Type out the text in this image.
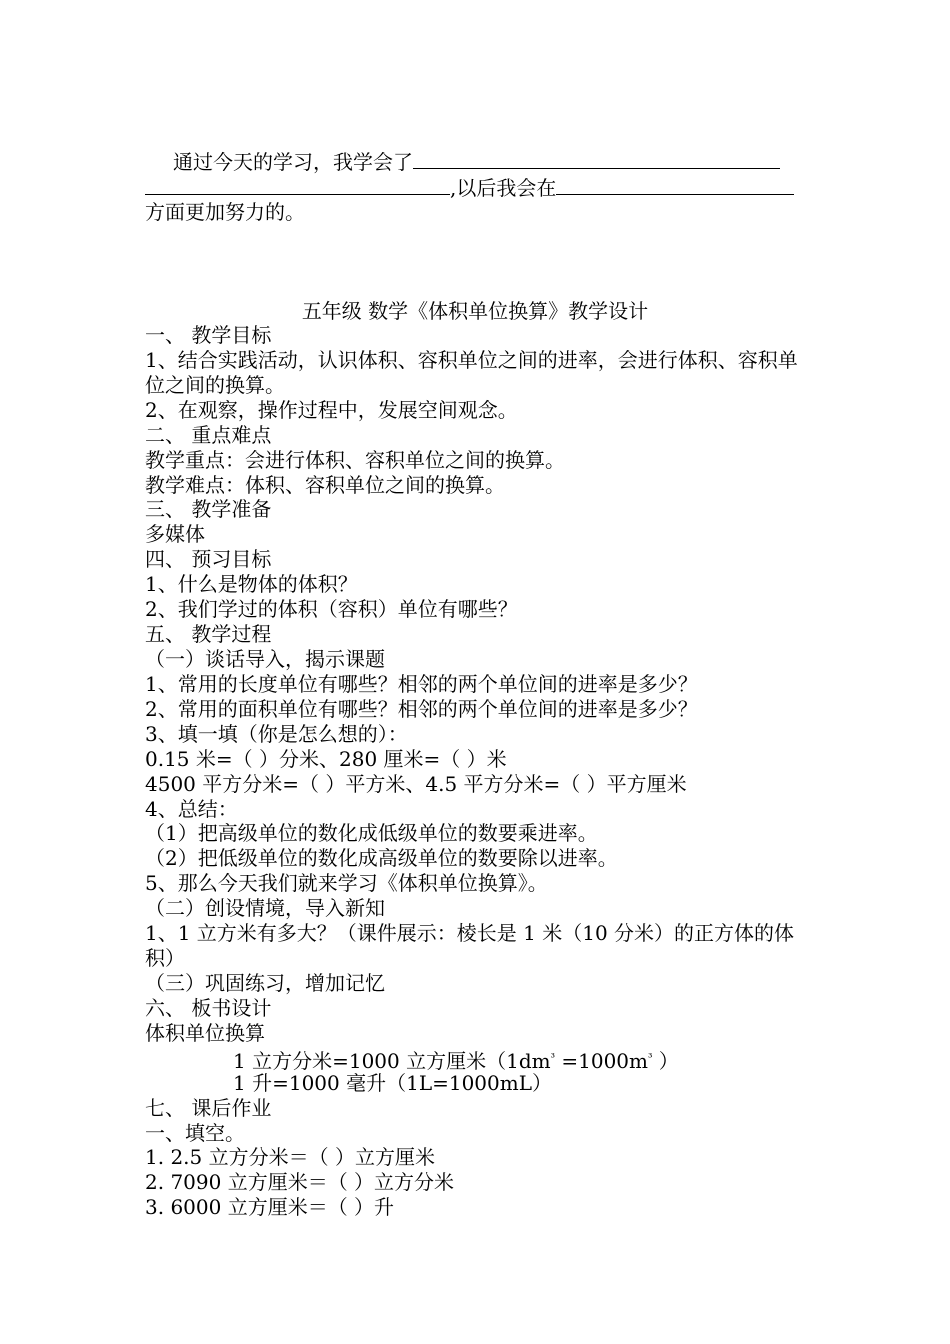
通过今天的学习，我学会了
,以后我会在
方面更加努力的。
五年级 数学《体积单位换算》教学设计
一、 教学目标
1、结合实践活动，认识体积、容积单位之间的进率，会进行体积、容积单位之间的换算。
2、在观察，操作过程中，发展空间观念。
二、 重点难点
教学重点：会进行体积、容积单位之间的换算。
教学难点：体积、容积单位之间的换算。
三、 教学准备
多媒体
四、 预习目标
1、什么是物体的体积？
2、我们学过的体积（容积）单位有哪些？
五、 教学过程
（一）谈话导入，揭示课题
1、常用的长度单位有哪些？相邻的两个单位间的进率是多少？
2、常用的面积单位有哪些？相邻的两个单位间的进率是多少？
3、填一填（你是怎么想的）：
0.15 米=（ ）分米、280 厘米=（ ）米
4500 平方分米=（ ）平方米、4.5 平方分米=（ ）平方厘米
4、总结：
（1）把高级单位的数化成低级单位的数要乘进率。
（2）把低级单位的数化成高级单位的数要除以进率。
5、那么今天我们就来学习《体积单位换算》。
（二）创设情境，导入新知
1、1 立方米有多大？（课件展示：棱长是 1 米（10 分米）的正方体的体积）
（三）巩固练习，增加记忆
六、 板书设计
体积单位换算
1 立方分米=1000 立方厘米（$1dm^{^3} =1000m^{^3}$ ）
1 升=1000 毫升（1L=1000mL）
七、 课后作业
一、填空。
1. 2.5 立方分米＝（ ）立方厘米
2. 7090 立方厘米＝（ ）立方分米
3. 6000 立方厘米＝（ ）升
